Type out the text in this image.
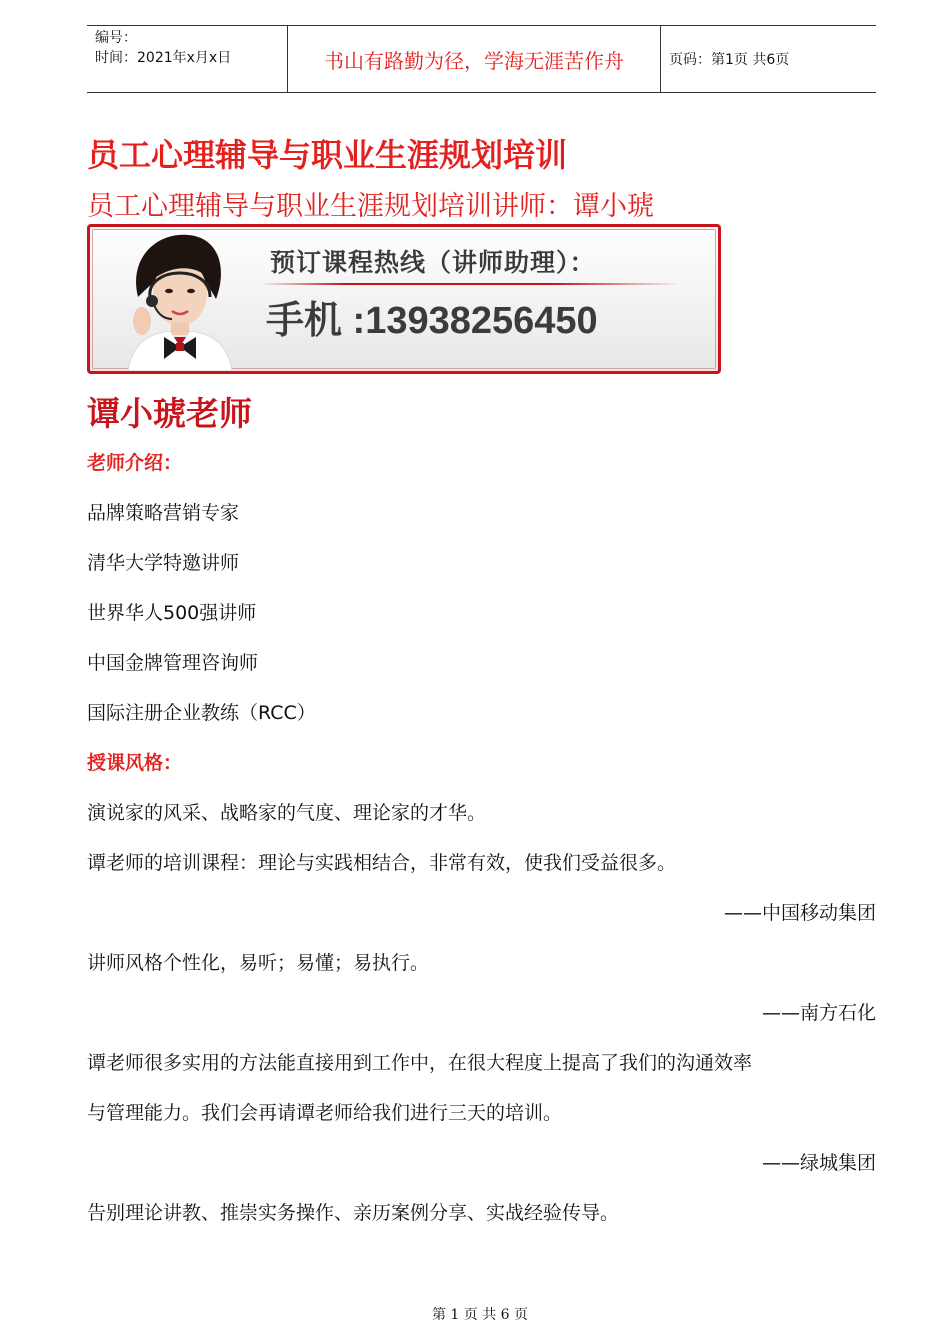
编号：
时间：2021年x月x日	书山有路勤为径，学海无涯苦作舟	页码：第1页 共6页
员工心理辅导与职业生涯规划培训
员工心理辅导与职业生涯规划培训讲师：谭小琥
预订课程热线（讲师助理）：
手机 :13938256450
谭小琥老师
老师介绍：
品牌策略营销专家
清华大学特邀讲师
世界华人500强讲师
中国金牌管理咨询师
国际注册企业教练（RCC）
授课风格：
演说家的风采、战略家的气度、理论家的才华。
谭老师的培训课程：理论与实践相结合，非常有效，使我们受益很多。
——中国移动集团
讲师风格个性化，易听；易懂；易执行。
——南方石化
谭老师很多实用的方法能直接用到工作中，在很大程度上提高了我们的沟通效率
与管理能力。我们会再请谭老师给我们进行三天的培训。
——绿城集团
告别理论讲教、推崇实务操作、亲历案例分享、实战经验传导。
第 1 页 共 6 页
